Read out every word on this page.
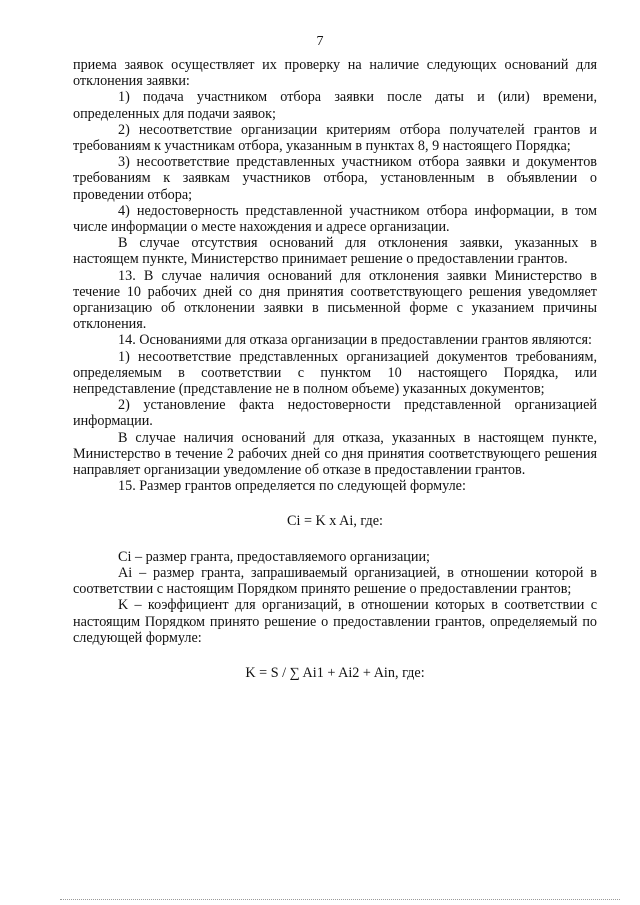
7

приема заявок осуществляет их проверку на наличие следующих оснований для отклонения заявки:

1) подача участником отбора заявки после даты и (или) времени, определенных для подачи заявок;

2) несоответствие организации критериям отбора получателей грантов и требованиям к участникам отбора, указанным в пунктах 8, 9 настоящего Порядка;

3) несоответствие представленных участником отбора заявки и документов требованиям к заявкам участников отбора, установленным в объявлении о проведении отбора;

4) недостоверность представленной участником отбора информации, в том числе информации о месте нахождения и адресе организации.

В случае отсутствия оснований для отклонения заявки, указанных в настоящем пункте, Министерство принимает решение о предоставлении грантов.

13. В случае наличия оснований для отклонения заявки Министерство в течение 10 рабочих дней со дня принятия соответствующего решения уведомляет организацию об отклонении заявки в письменной форме с указанием причины отклонения.

14. Основаниями для отказа организации в предоставлении грантов являются:

1) несоответствие представленных организацией документов требованиям, определяемым в соответствии с пунктом 10 настоящего Порядка, или непредставление (представление не в полном объеме) указанных документов;

2) установление факта недостоверности представленной организацией информации.

В случае наличия оснований для отказа, указанных в настоящем пункте, Министерство в течение 2 рабочих дней со дня принятия соответствующего решения направляет организации уведомление об отказе в предоставлении грантов.

15. Размер грантов определяется по следующей формуле:

Ci = K x Ai, где:

Ci – размер гранта, предоставляемого организации;

Ai – размер гранта, запрашиваемый организацией, в отношении которой в соответствии с настоящим Порядком принято решение о предоставлении грантов;

K – коэффициент для организаций, в отношении которых в соответствии с настоящим Порядком принято решение о предоставлении грантов, определяемый по следующей формуле:

K = S / ∑ Ai1 + Ai2 + Ain, где:
